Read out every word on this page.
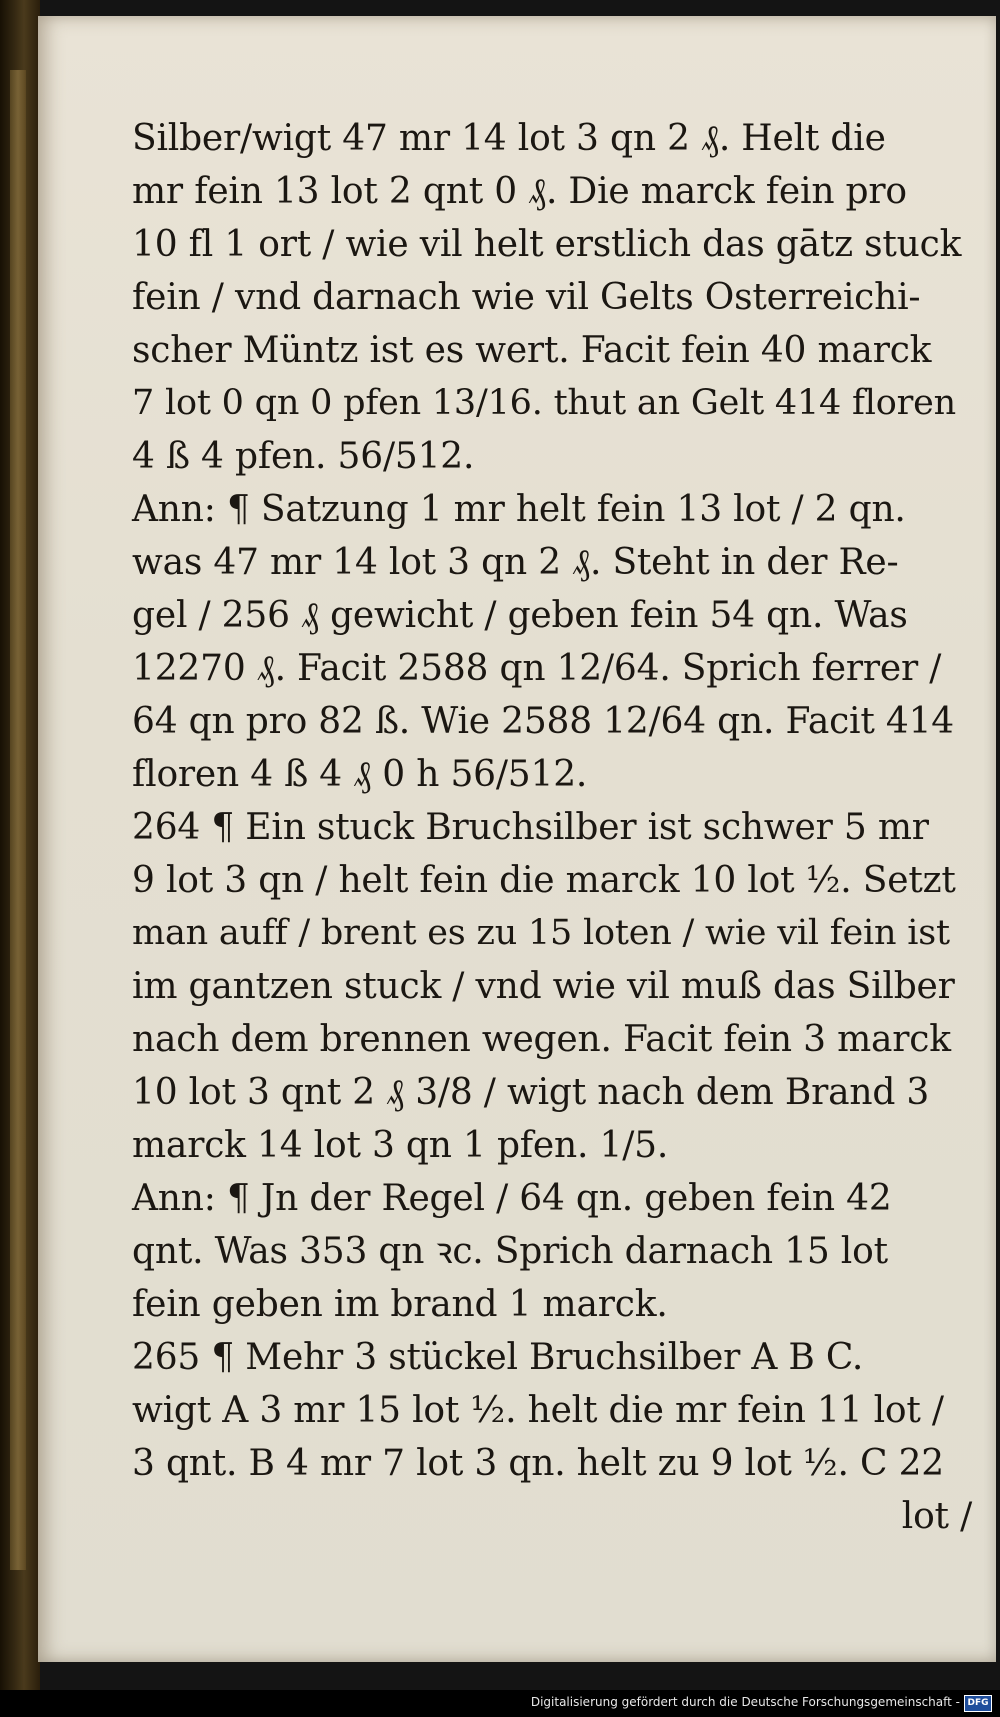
Silber/wigt 47 mr 14 lot 3 qn 2 ₰. Helt die
mr fein 13 lot 2 qnt 0 ₰. Die marck fein pro
10 fl 1 ort / wie vil helt erstlich das gātz stuck
fein / vnd darnach wie vil Gelts Osterreichi-
scher Müntz ist es wert. Facit fein 40 marck
7 lot 0 qn 0 pfen 13/16. thut an Gelt 414 floren
4 ß 4 pfen. 56/512.
Ann: ¶ Satzung 1 mr helt fein 13 lot / 2 qn.
was 47 mr 14 lot 3 qn 2 ₰. Steht in der Re-
gel / 256 ₰ gewicht / geben fein 54 qn. Was
12270 ₰. Facit 2588 qn 12/64. Sprich ferrer /
64 qn pro 82 ß. Wie 2588 12/64 qn. Facit 414
floren 4 ß 4 ₰ 0 h 56/512.
264 ¶ Ein stuck Bruchsilber ist schwer 5 mr
9 lot 3 qn / helt fein die marck 10 lot ½. Setzt
man auff / brent es zu 15 loten / wie vil fein ist
im gantzen stuck / vnd wie vil muß das Silber
nach dem brennen wegen. Facit fein 3 marck
10 lot 3 qnt 2 ₰ 3/8 / wigt nach dem Brand 3
marck 14 lot 3 qn 1 pfen. 1/5.
Ann: ¶ Jn der Regel / 64 qn. geben fein 42
qnt. Was 353 qn ꝛc. Sprich darnach 15 lot
fein geben im brand 1 marck.
265 ¶ Mehr 3 stückel Bruchsilber A B C.
wigt A 3 mr 15 lot ½. helt die mr fein 11 lot /
3 qnt. B 4 mr 7 lot 3 qn. helt zu 9 lot ½. C 22
lot /
Digitalisierung gefördert durch die Deutsche Forschungsgemeinschaft - DFG
